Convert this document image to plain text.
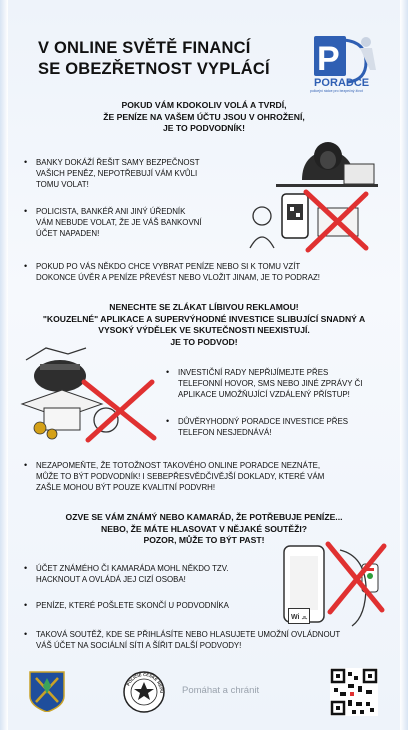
V ONLINE SVĚTĚ FINANCÍ
SE OBEZŘETNOST VYPLÁCÍ P
PO RADCE
policejní rádce pro bezpečný život
POKUD VÁM KDOKOLIV VOLÁ A TVRDÍ,
ŽE PENÍZE NA VAŠEM ÚČTU JSOU V OHROŽENÍ,
JE TO PODVODNÍK!
• BANKY DOKÁŽÍ ŘEŠIT SAMY BEZPEČNOST
VAŠICH PENĚZ, NEPOTŘEBUJÍ VÁM KVŮLI
TOMU VOLAT!
• POLICISTA, BANKÉŘ ANI JINÝ ÚŘEDNÍK
VÁM NEBUDE VOLAT, ŽE JE VÁŠ BANKOVNÍ
ÚČET NAPADEN!
• POKUD PO VÁS NĚKDO CHCE VYBRAT PENÍZE NEBO SI K TOMU VZÍT
DOKONCE ÚVĚR A PENÍZE PŘEVÉST NEBO VLOŽIT JINAM, JE TO PODRAZ!
NENECHTE SE ZLÁKAT LÍBIVOU REKLAMOU!
"KOUZELNÉ" APLIKACE A SUPERVÝHODNÉ INVESTICE SLIBUJÍCÍ SNADNÝ A
VYSOKÝ VÝDĚLEK VE SKUTEČNOSTI NEEXISTUJÍ.
JE TO PODVOD!
• INVESTIČNÍ RADY NEPŘIJÍMEJTE PŘES
TELEFONNÍ HOVOR, SMS NEBO JINÉ ZPRÁVY ČI
APLIKACE UMOŽŇUJÍCÍ VZDÁLENÝ PŘÍSTUP!
• DŮVĚRYHODNÝ PORADCE INVESTICE PŘES
TELEFON NESJEDNÁVÁ!
• NEZAPOMEŇTE, ŽE TOTOŽNOST TAKOVÉHO ONLINE PORADCE NEZNÁTE,
MŮŽE TO BÝT PODVODNÍK! I SEBEPŘESVĚDČIVĚJŠÍ DOKLADY, KTERÉ VÁM
ZAŠLE MOHOU BÝT POUZE KVALITNÍ PODVRH!
OZVE SE VÁM ZNÁMÝ NEBO KAMARÁD, ŽE POTŘEBUJE PENÍZE...
NEBO, ŽE MÁTE HLASOVAT V NĚJAKÉ SOUTĚŽI?
POZOR, MŮŽE TO BÝT PAST!
Wi
• ÚČET ZNÁMÉHO ČI KAMARÁDA MOHL NĚKDO TZV.
HACKNOUT A OVLÁDÁ JEJ CIZÍ OSOBA!
• PENÍZE, KTERÉ POŠLETE SKONČÍ U PODVODNÍKA
• TAKOVÁ SOUTĚŽ, KDE SE PŘIHLÁSÍTE NEBO HLASUJETE UMOŽNÍ OVLÁDNOUT
VÁŠ ÚČET NA SOCIÁLNÍ SÍTI A ŠÍŘIT DALŠÍ PODVODY!
POLICIE ČESKÉ REPU Pomáhat a chránit
